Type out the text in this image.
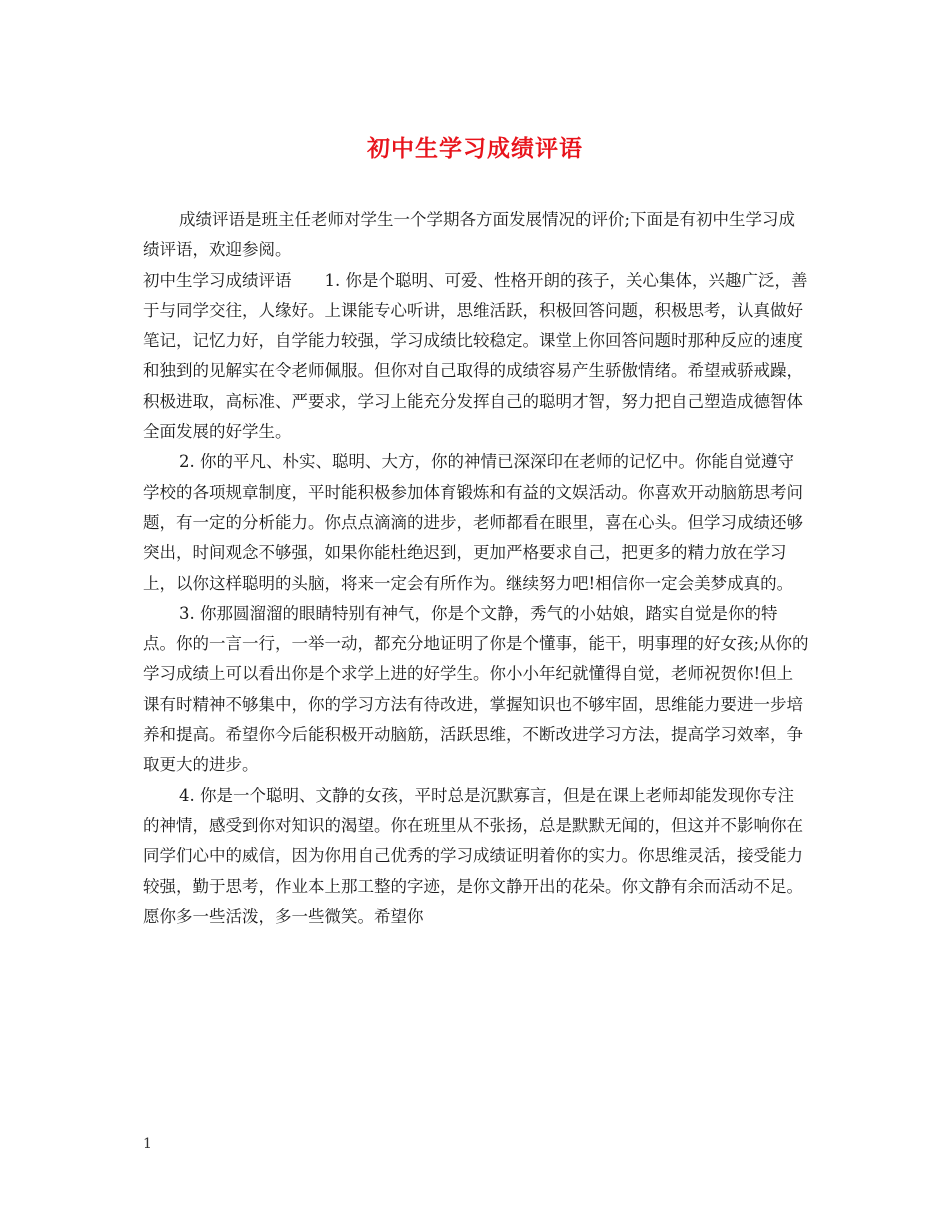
初中生学习成绩评语

成绩评语是班主任老师对学生一个学期各方面发展情况的评价;下面是有初中生学习成绩评语，欢迎参阅。

初中生学习成绩评语　　1. 你是个聪明、可爱、性格开朗的孩子，关心集体，兴趣广泛，善于与同学交往，人缘好。上课能专心听讲，思维活跃，积极回答问题，积极思考，认真做好笔记，记忆力好，自学能力较强，学习成绩比较稳定。课堂上你回答问题时那种反应的速度和独到的见解实在令老师佩服。但你对自己取得的成绩容易产生骄傲情绪。希望戒骄戒躁，积极进取，高标准、严要求，学习上能充分发挥自己的聪明才智，努力把自己塑造成德智体全面发展的好学生。

2. 你的平凡、朴实、聪明、大方，你的神情已深深印在老师的记忆中。你能自觉遵守学校的各项规章制度，平时能积极参加体育锻炼和有益的文娱活动。你喜欢开动脑筋思考问题，有一定的分析能力。你点点滴滴的进步，老师都看在眼里，喜在心头。但学习成绩还够突出，时间观念不够强，如果你能杜绝迟到，更加严格要求自己，把更多的精力放在学习上，以你这样聪明的头脑，将来一定会有所作为。继续努力吧!相信你一定会美梦成真的。

3. 你那圆溜溜的眼睛特别有神气，你是个文静，秀气的小姑娘，踏实自觉是你的特点。你的一言一行，一举一动，都充分地证明了你是个懂事，能干，明事理的好女孩;从你的学习成绩上可以看出你是个求学上进的好学生。你小小年纪就懂得自觉，老师祝贺你!但上课有时精神不够集中，你的学习方法有待改进，掌握知识也不够牢固，思维能力要进一步培养和提高。希望你今后能积极开动脑筋，活跃思维，不断改进学习方法，提高学习效率，争取更大的进步。

4. 你是一个聪明、文静的女孩，平时总是沉默寡言，但是在课上老师却能发现你专注的神情，感受到你对知识的渴望。你在班里从不张扬，总是默默无闻的，但这并不影响你在同学们心中的威信，因为你用自己优秀的学习成绩证明着你的实力。你思维灵活，接受能力较强，勤于思考，作业本上那工整的字迹，是你文静开出的花朵。你文静有余而活动不足。愿你多一些活泼，多一些微笑。希望你

1
